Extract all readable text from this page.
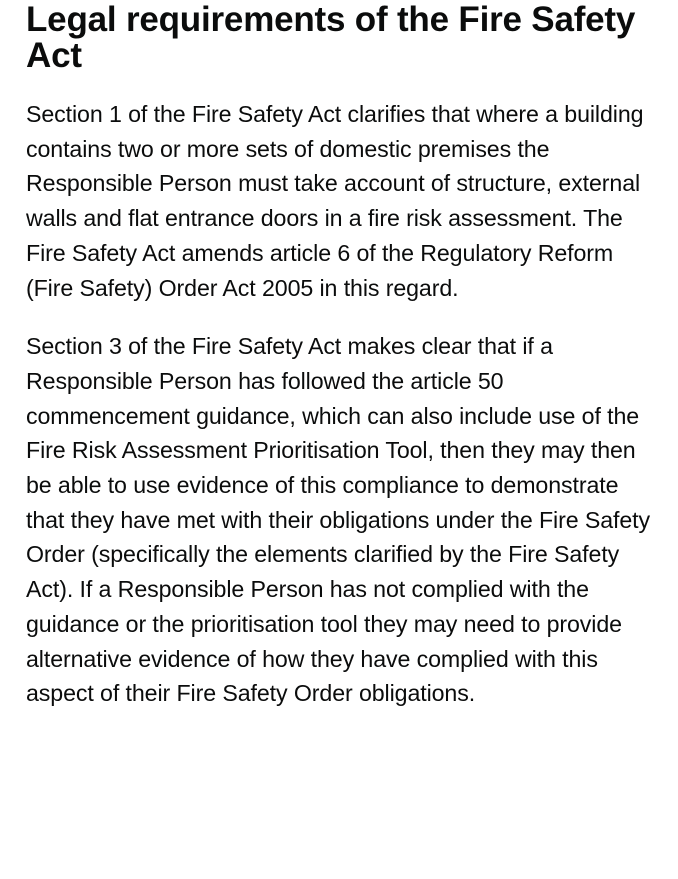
Legal requirements of the Fire Safety Act

Section 1 of the Fire Safety Act clarifies that where a building contains two or more sets of domestic premises the Responsible Person must take account of structure, external walls and flat entrance doors in a fire risk assessment. The Fire Safety Act amends article 6 of the Regulatory Reform (Fire Safety) Order Act 2005 in this regard.

Section 3 of the Fire Safety Act makes clear that if a Responsible Person has followed the article 50 commencement guidance, which can also include use of the Fire Risk Assessment Prioritisation Tool, then they may then be able to use evidence of this compliance to demonstrate that they have met with their obligations under the Fire Safety Order (specifically the elements clarified by the Fire Safety Act). If a Responsible Person has not complied with the guidance or the prioritisation tool they may need to provide alternative evidence of how they have complied with this aspect of their Fire Safety Order obligations.
